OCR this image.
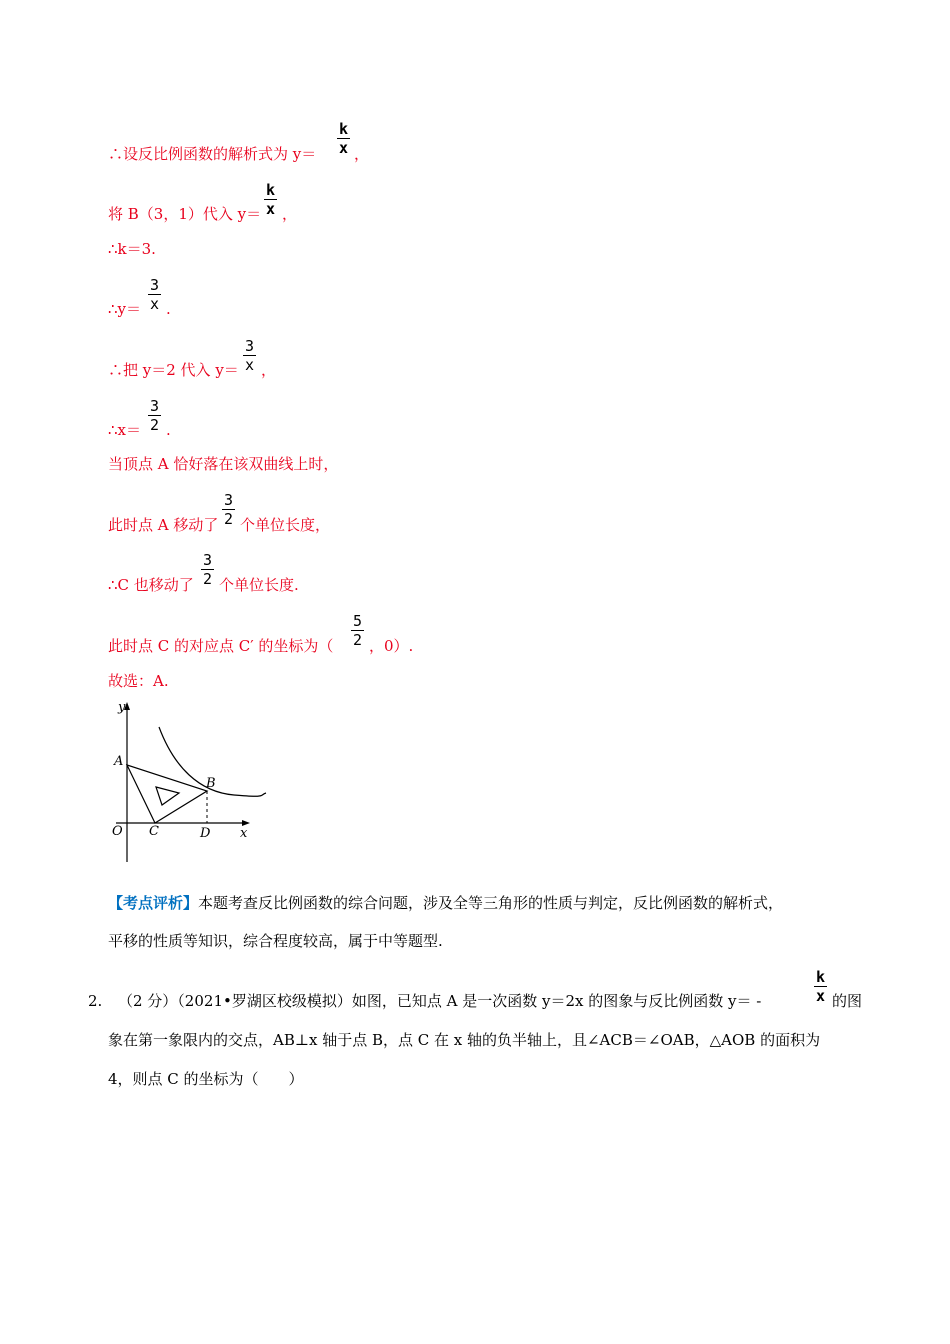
∴设反比例函数的解析式为 $y= \frac{k}{x}$ ，
将 B（3，1）代入 $y= \frac{k}{x}$ ，
∴k＝3.
∴y＝ $\frac{3}{x}$ .
∴把 y＝2 代入 $y= \frac{3}{x}$ ，
∴x＝ $\frac{3}{2}$ .
当顶点 A 恰好落在该双曲线上时，
此时点 A 移动了 $\frac{3}{2}$ 个单位长度，
∴C 也移动了 $\frac{3}{2}$ 个单位长度.
此时点 C 的对应点 C′ 的坐标为（ $\frac{5}{2}$ ，0）.
故选：A.
y
A
B
O C	D x
【考点评析】本题考查反比例函数的综合问题，涉及全等三角形的性质与判定，反比例函数的解析式，
平移的性质等知识，综合程度较高，属于中等题型.
2. （2 分）（2021•罗湖区校级模拟）如图，已知点 A 是一次函数 y＝2x 的图象与反比例函数 y＝ -	$\frac{k}{x}$ 的图
象在第一象限内的交点，AB⊥x 轴于点 B，点 C 在 x 轴的负半轴上，且∠ACB＝∠OAB，△AOB 的面积为
4，则点 C 的坐标为（　　）
